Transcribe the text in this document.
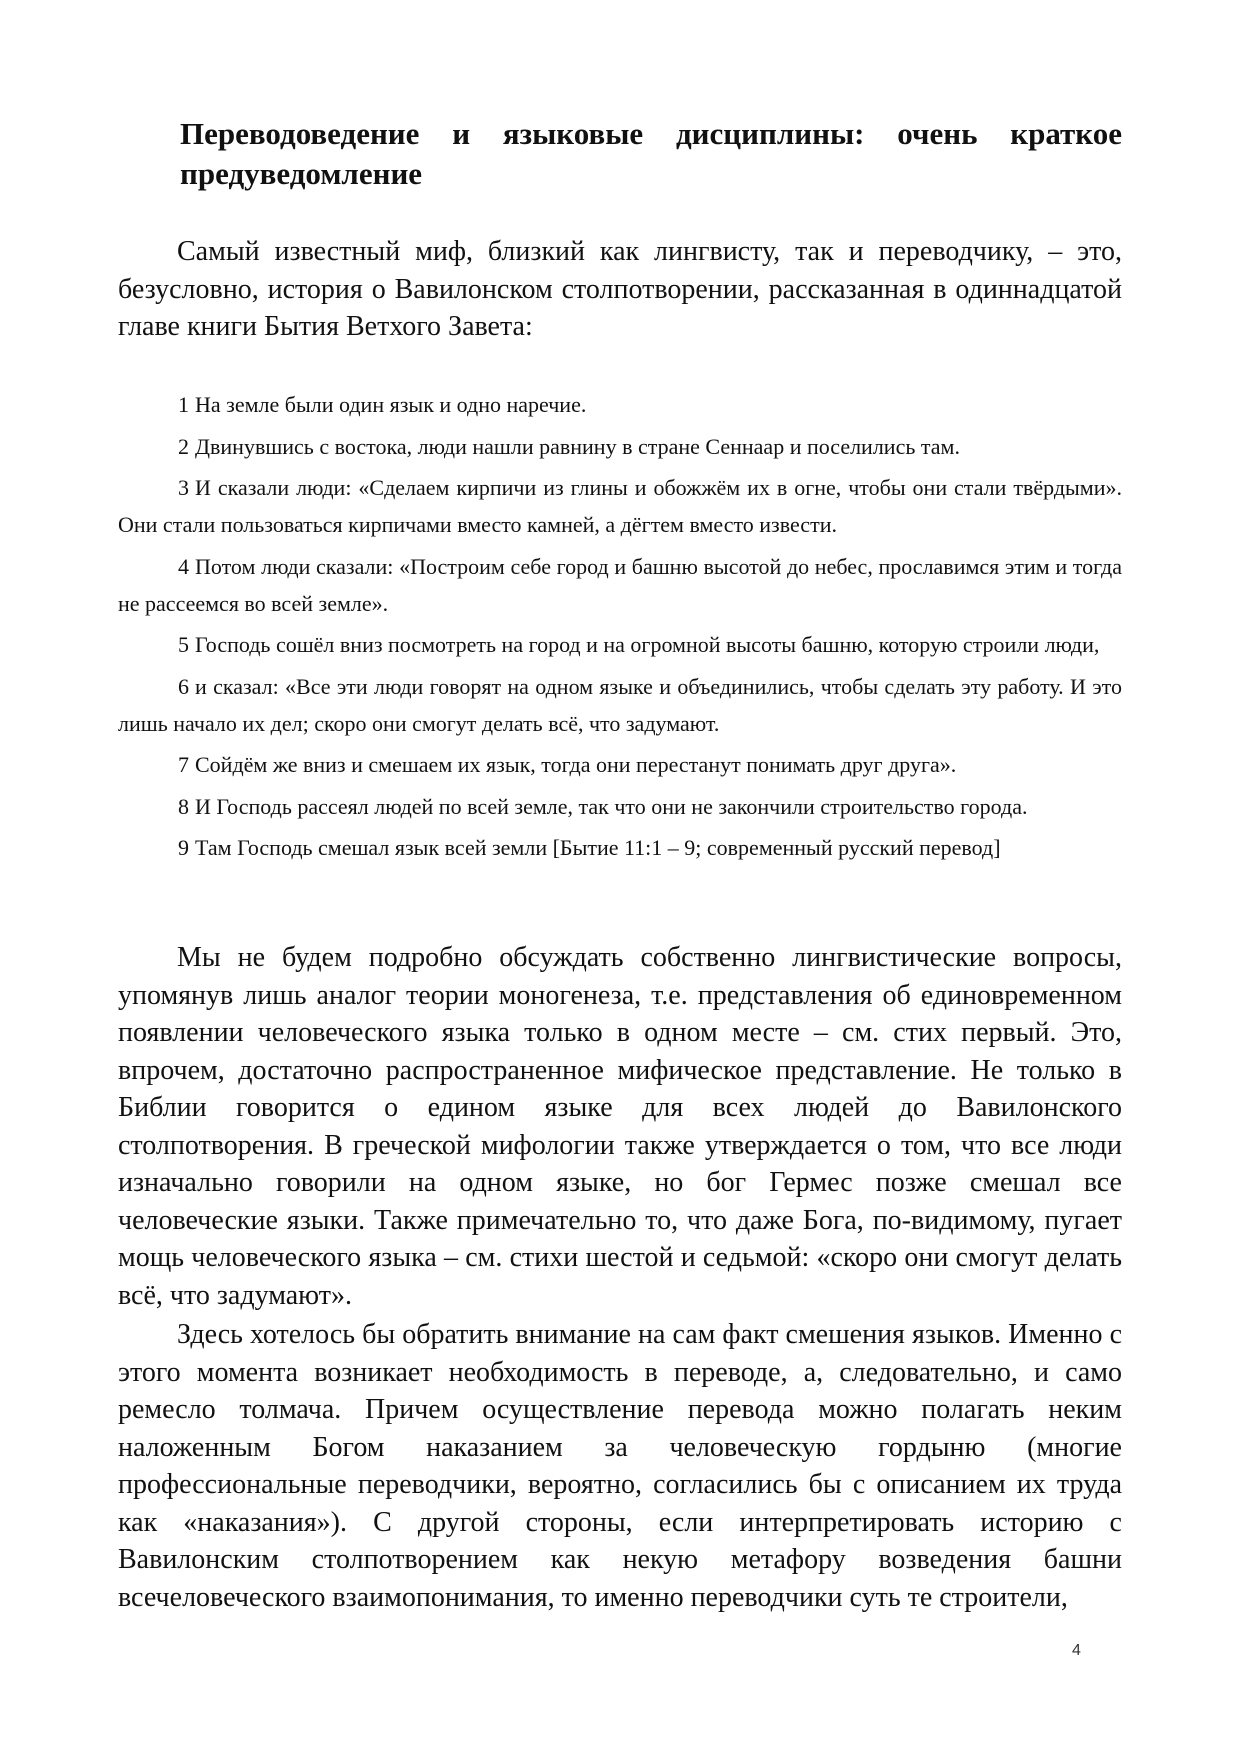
Переводоведение и языковые дисциплины: очень краткое предуведомление

Самый известный миф, близкий как лингвисту, так и переводчику, – это, безусловно, история о Вавилонском столпотворении, рассказанная в одиннадцатой главе книги Бытия Ветхого Завета:

1 На земле были один язык и одно наречие.
2 Двинувшись с востока, люди нашли равнину в стране Сеннаар и поселились там.
3 И сказали люди: «Сделаем кирпичи из глины и обожжём их в огне, чтобы они стали твёрдыми». Они стали пользоваться кирпичами вместо камней, а дёгтем вместо извести.
4 Потом люди сказали: «Построим себе город и башню высотой до небес, прославимся этим и тогда не рассеемся во всей земле».
5 Господь сошёл вниз посмотреть на город и на огромной высоты башню, которую строили люди,
6 и сказал: «Все эти люди говорят на одном языке и объединились, чтобы сделать эту работу. И это лишь начало их дел; скоро они смогут делать всё, что задумают.
7 Сойдём же вниз и смешаем их язык, тогда они перестанут понимать друг друга».
8 И Господь рассеял людей по всей земле, так что они не закончили строительство города.
9 Там Господь смешал язык всей земли [Бытие 11:1 – 9; современный русский перевод]

Мы не будем подробно обсуждать собственно лингвистические вопросы, упомянув лишь аналог теории моногенеза, т.е. представления об единовременном появлении человеческого языка только в одном месте – см. стих первый. Это, впрочем, достаточно распространенное мифическое представление. Не только в Библии говорится о едином языке для всех людей до Вавилонского столпотворения. В греческой мифологии также утверждается о том, что все люди изначально говорили на одном языке, но бог Гермес позже смешал все человеческие языки. Также примечательно то, что даже Бога, по-видимому, пугает мощь человеческого языка – см. стихи шестой и седьмой: «скоро они смогут делать всё, что задумают».

Здесь хотелось бы обратить внимание на сам факт смешения языков. Именно с этого момента возникает необходимость в переводе, а, следовательно, и само ремесло толмача. Причем осуществление перевода можно полагать неким наложенным Богом наказанием за человеческую гордыню (многие профессиональные переводчики, вероятно, согласились бы с описанием их труда как «наказания»). С другой стороны, если интерпретировать историю с Вавилонским столпотворением как некую метафору возведения башни всечеловеческого взаимопонимания, то именно переводчики суть те строители,

4
